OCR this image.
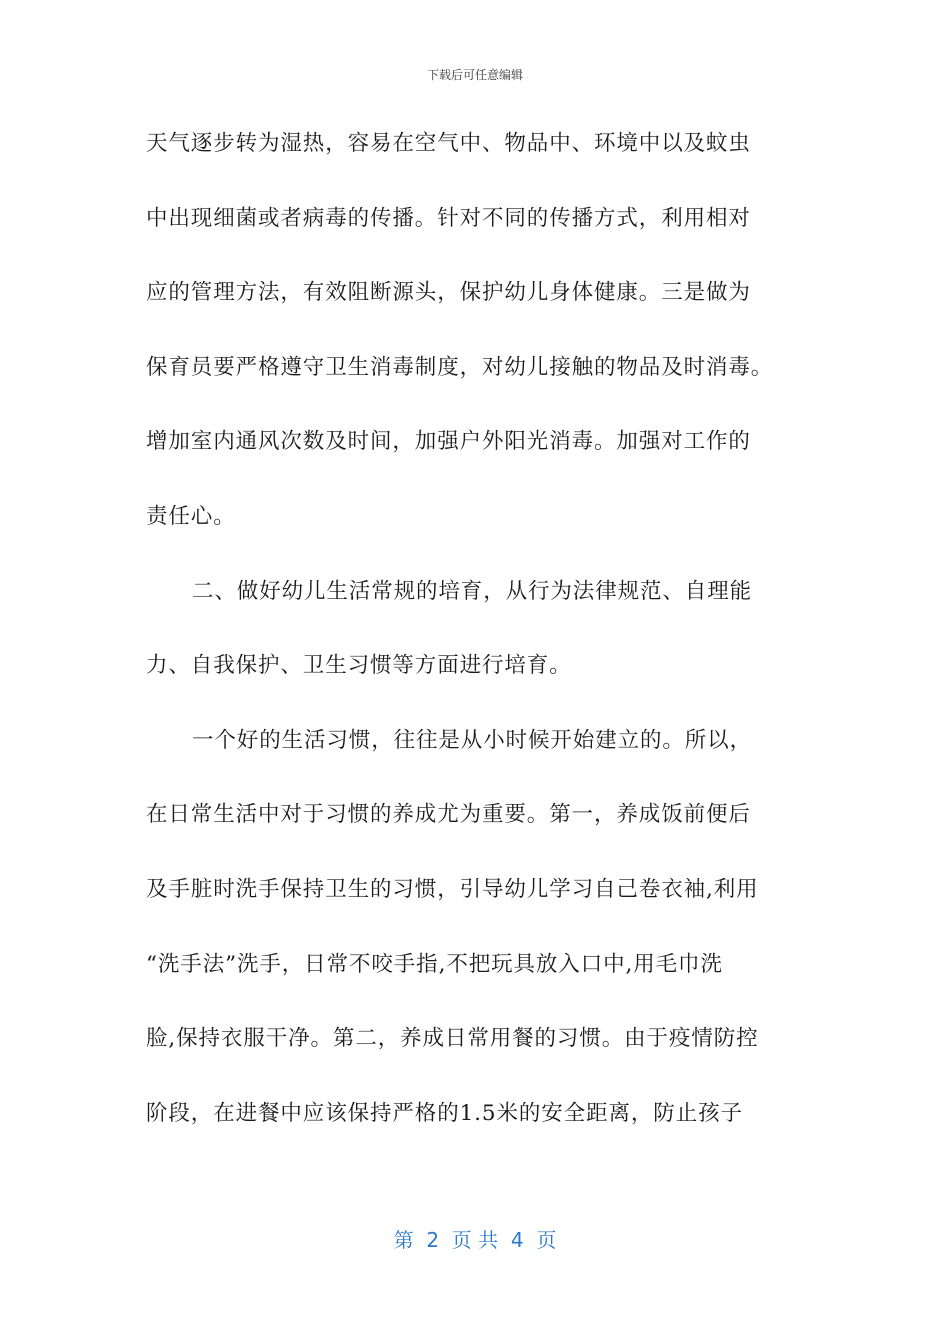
下载后可任意编辑
天气逐步转为湿热，容易在空气中、物品中、环境中以及蚊虫
中出现细菌或者病毒的传播。针对不同的传播方式，利用相对
应的管理方法，有效阻断源头，保护幼儿身体健康。三是做为
保育员要严格遵守卫生消毒制度，对幼儿接触的物品及时消毒。
增加室内通风次数及时间，加强户外阳光消毒。加强对工作的
责任心。
二、做好幼儿生活常规的培育，从行为法律规范、自理能
力、自我保护、卫生习惯等方面进行培育。
一个好的生活习惯，往往是从小时候开始建立的。所以，
在日常生活中对于习惯的养成尤为重要。第一，养成饭前便后
及手脏时洗手保持卫生的习惯，引导幼儿学习自己卷衣袖,利用
“洗手法”洗手，日常不咬手指,不把玩具放入口中,用毛巾洗
脸,保持衣服干净。第二，养成日常用餐的习惯。由于疫情防控
阶段，在进餐中应该保持严格的1.5米的安全距离，防止孩子
第  2  页 共  4  页
